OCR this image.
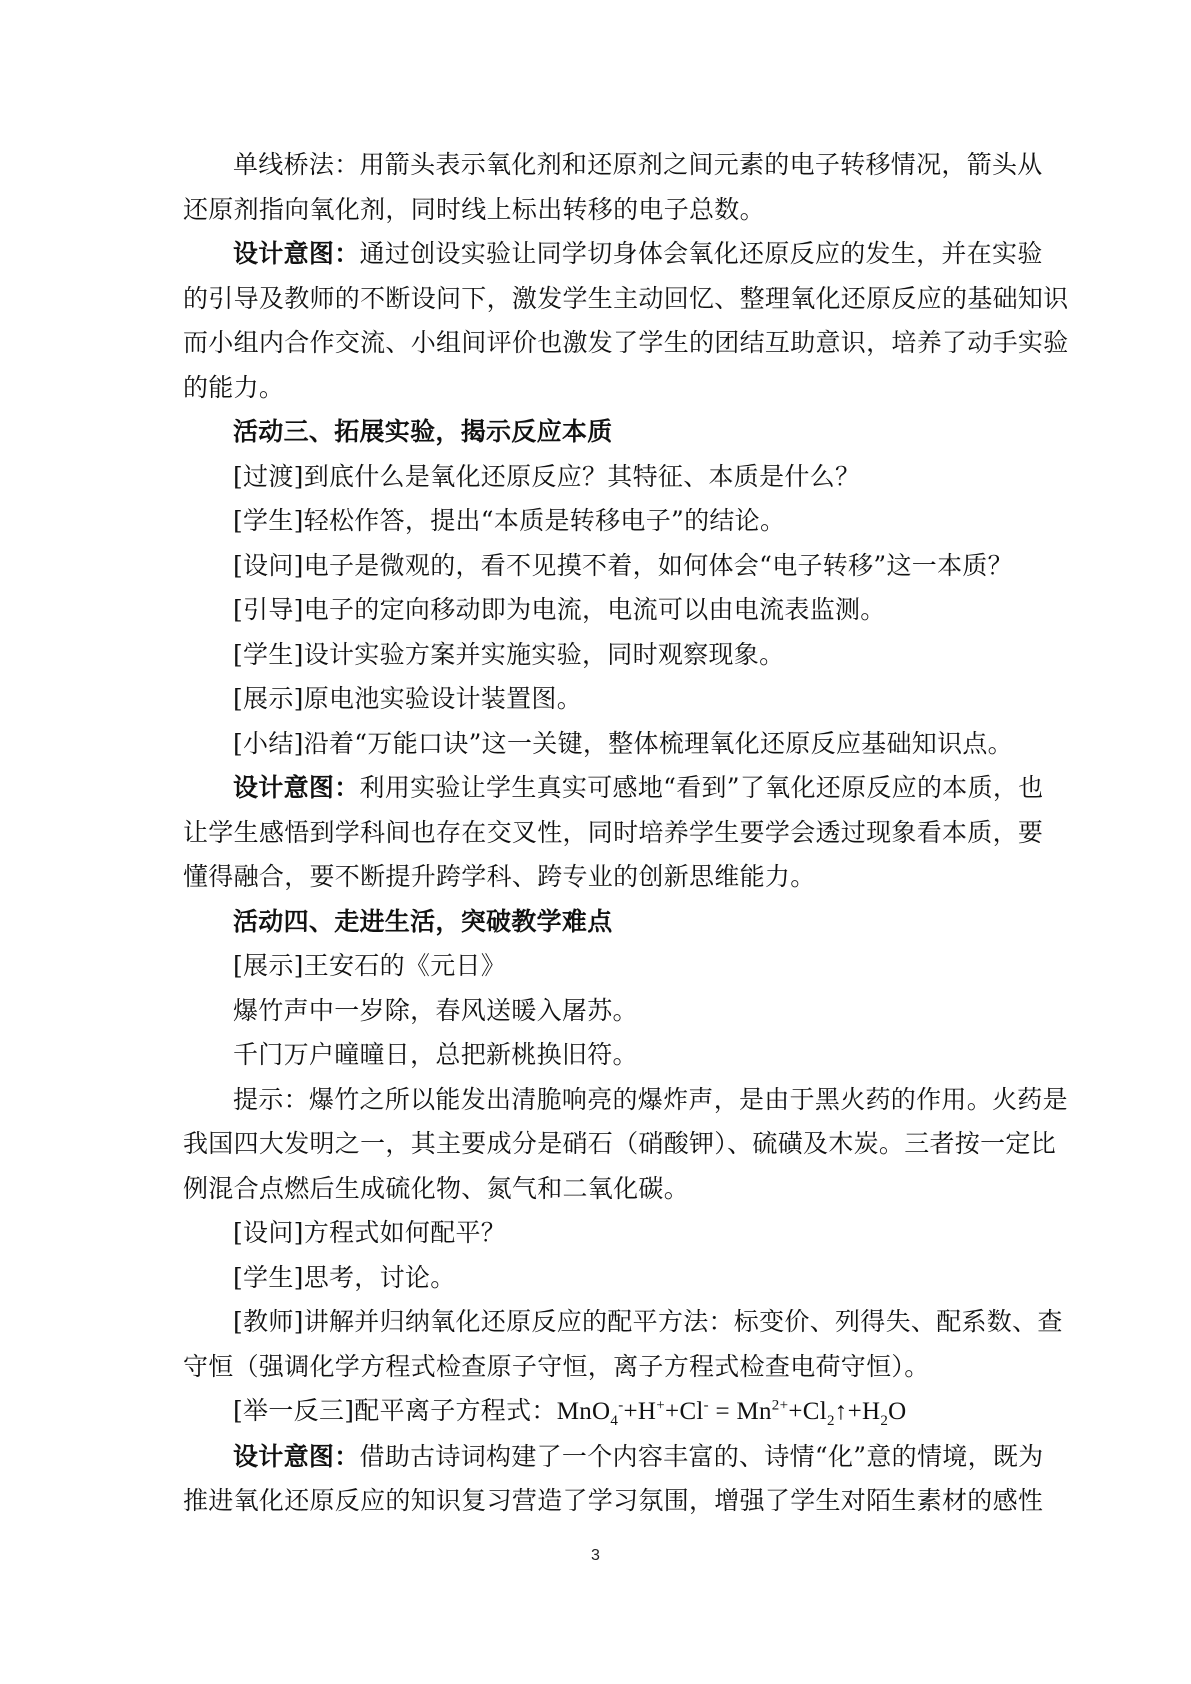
单线桥法：用箭头表示氧化剂和还原剂之间元素的电子转移情况，箭头从
还原剂指向氧化剂，同时线上标出转移的电子总数。
设计意图：通过创设实验让同学切身体会氧化还原反应的发生，并在实验
的引导及教师的不断设问下，激发学生主动回忆、整理氧化还原反应的基础知识
而小组内合作交流、小组间评价也激发了学生的团结互助意识，培养了动手实验
的能力。
活动三、拓展实验，揭示反应本质
[过渡]到底什么是氧化还原反应？其特征、本质是什么？
[学生]轻松作答，提出“本质是转移电子”的结论。
[设问]电子是微观的，看不见摸不着，如何体会“电子转移”这一本质？
[引导]电子的定向移动即为电流，电流可以由电流表监测。
[学生]设计实验方案并实施实验，同时观察现象。
[展示]原电池实验设计装置图。
[小结]沿着“万能口诀”这一关键，整体梳理氧化还原反应基础知识点。
设计意图：利用实验让学生真实可感地“看到”了氧化还原反应的本质，也
让学生感悟到学科间也存在交叉性，同时培养学生要学会透过现象看本质，要
懂得融合，要不断提升跨学科、跨专业的创新思维能力。
活动四、走进生活，突破教学难点
[展示]王安石的《元日》
爆竹声中一岁除，春风送暖入屠苏。
千门万户曈曈日，总把新桃换旧符。
提示：爆竹之所以能发出清脆响亮的爆炸声，是由于黑火药的作用。火药是
我国四大发明之一，其主要成分是硝石（硝酸钾）、硫磺及木炭。三者按一定比
例混合点燃后生成硫化物、氮气和二氧化碳。
[设问]方程式如何配平？
[学生]思考，讨论。
[教师]讲解并归纳氧化还原反应的配平方法：标变价、列得失、配系数、查
守恒（强调化学方程式检查原子守恒，离子方程式检查电荷守恒）。
[举一反三]配平离子方程式：$MnO_4^-+H^++Cl^- = Mn^{2+}+Cl_2↑+H_2O$
设计意图：借助古诗词构建了一个内容丰富的、诗情“化”意的情境，既为
推进氧化还原反应的知识复习营造了学习氛围，增强了学生对陌生素材的感性
3
